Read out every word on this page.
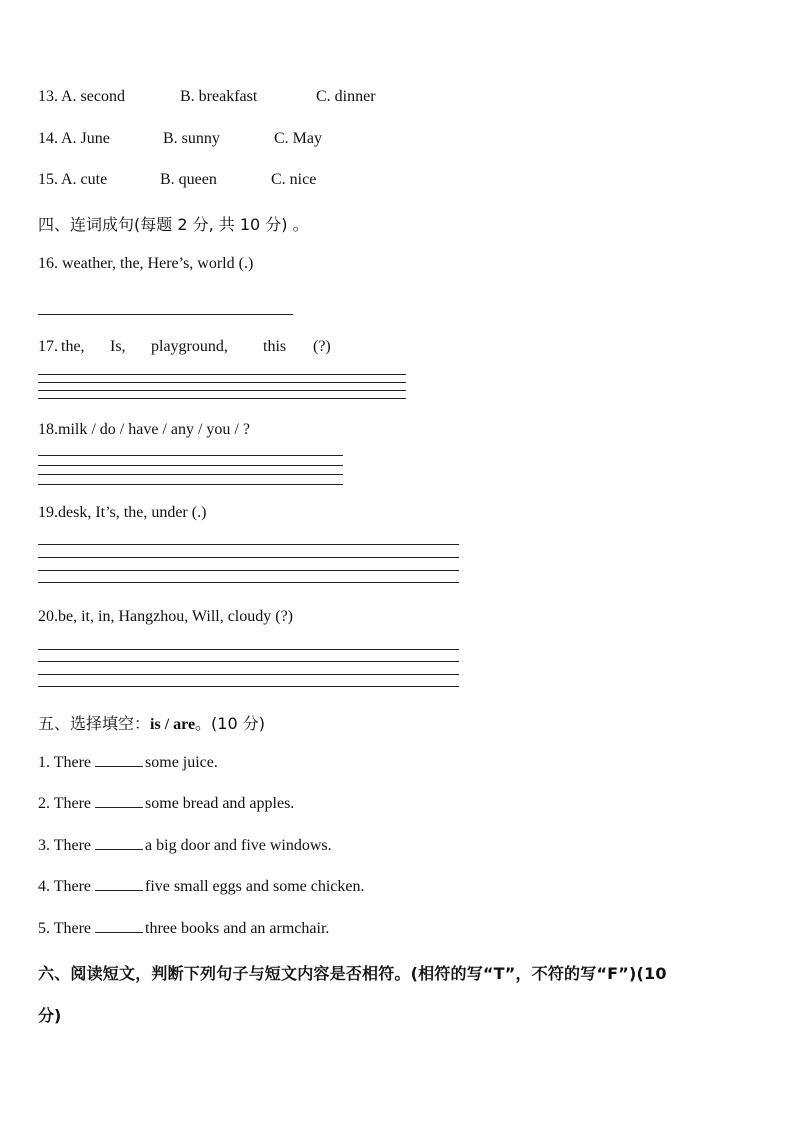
13. A. second	B. breakfast	C. dinner
14. A. June	B. sunny	C. May
15. A. cute	B. queen	C. nice
四、连词成句(每题 2 分, 共 10 分) 。
16. weather, the, Here’s, world (.)
17. the, Is, playground, this (?)
18.milk / do / have / any / you / ?
19.desk, It’s, the, under (.)
20.be, it, in, Hangzhou, Will, cloudy (?)
五、选择填空：is / are。(10 分)
1. There	some juice.
2. There	some bread and apples.
3. There	a big door and five windows.
4. There	five small eggs and some chicken.
5. There	three books and an armchair.
六、阅读短文，判断下列句子与短文内容是否相符。(相符的写“T”，不符的写“F”)(10
分)
